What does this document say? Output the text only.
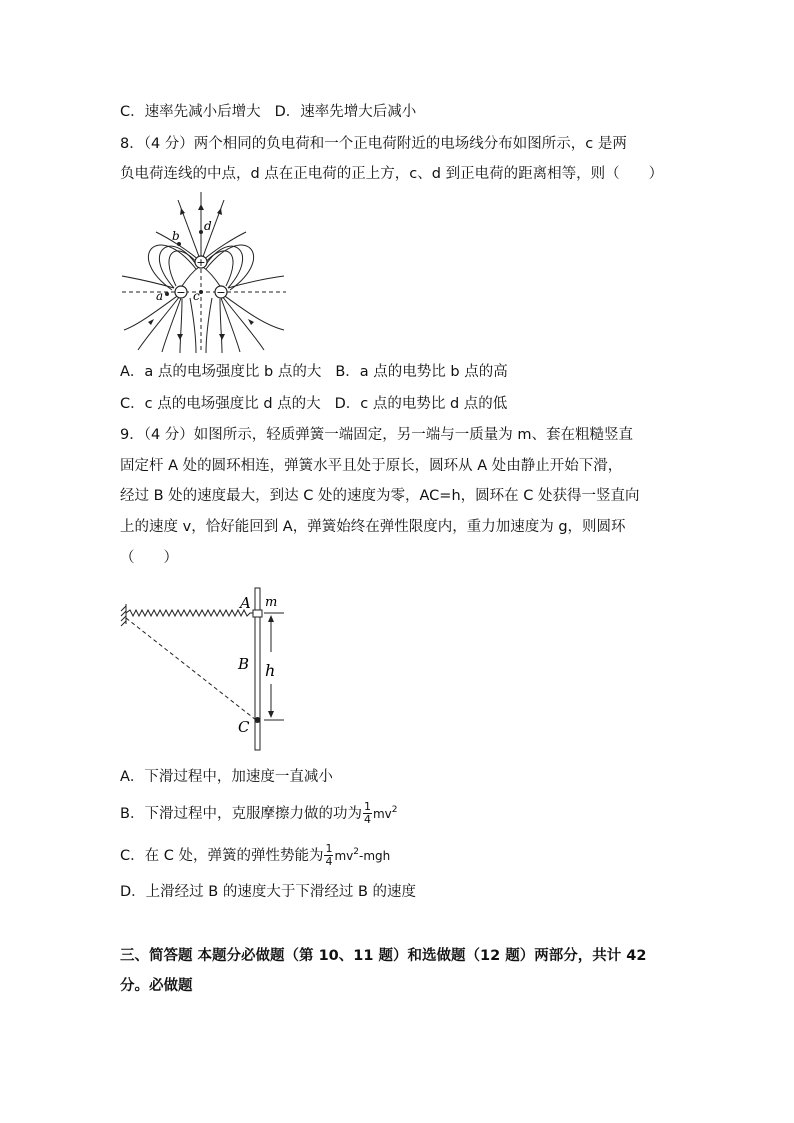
C．速率先减小后增大 D．速率先增大后减小
8．（4 分）两个相同的负电荷和一个正电荷附近的电场线分布如图所示，c 是两
负电荷连线的中点，d 点在正电荷的正上方，c、d 到正电荷的距离相等，则（　　）
+
−	−
d
b
a c
A．a 点的电场强度比 b 点的大 B．a 点的电势比 b 点的高
C．c 点的电场强度比 d 点的大 D．c 点的电势比 d 点的低
9．（4 分）如图所示，轻质弹簧一端固定，另一端与一质量为 m、套在粗糙竖直
固定杆 A 处的圆环相连，弹簧水平且处于原长，圆环从 A 处由静止开始下滑，
经过 B 处的速度最大，到达 C 处的速度为零，AC=h，圆环在 C 处获得一竖直向
上的速度 v，恰好能回到 A，弹簧始终在弹性限度内，重力加速度为 g，则圆环
（　　）
A m
B h
C
A．下滑过程中，加速度一直减小
B．下滑过程中，克服摩擦力做的功为 $\frac{1}{4} mv^2$
C．在 C 处，弹簧的弹性势能为 $\frac{1}{4} mv^2-mgh$
D．上滑经过 B 的速度大于下滑经过 B 的速度
三、简答题 本题分必做题（第 10、11 题）和选做题（12 题）两部分，共计 42
分。必做题
